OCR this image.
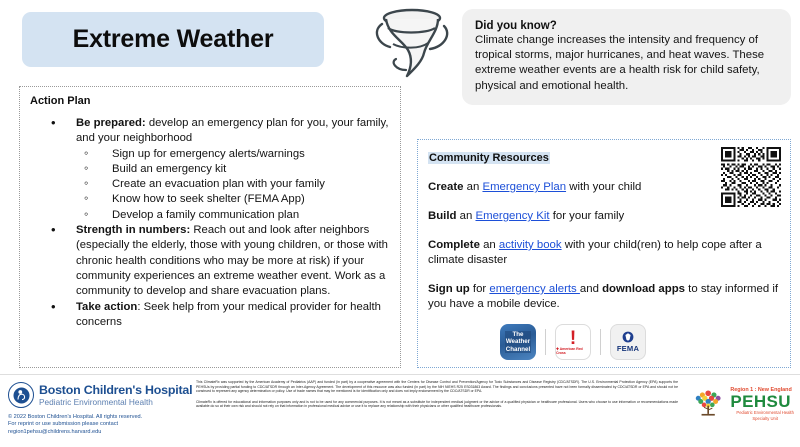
Extreme Weather	Did you know?
Climate change increases the intensity and frequency of tropical storms, major hurricanes, and heat waves. These extreme weather events are a health risk for child safety, physical and emotional health.
Action Plan
• Be prepared: develop an emergency plan for you, your family, and your neighborhood
◦ Sign up for emergency alerts/warnings
◦ Build an emergency kit
◦ Create an evacuation plan with your family
◦ Know how to seek shelter (FEMA App)
◦ Develop a family communication plan
• Strength in numbers: Reach out and look after neighbors (especially the elderly, those with young children, or those with chronic health conditions who may be more at risk) if your community experiences an extreme weather event. Work as a community to develop and share evacuation plans.
• Take action: Seek help from your medical provider for health concerns
Community Resources
Create an Emergency Plan with your child
Build an Emergency Kit for your family
Complete an activity book with your child(ren) to help cope after a climate disaster
Sign up for emergency alerts and download apps to stay informed if you have a mobile device.
The
Weather
Channel
!
✚ American Red Cross	FEMA
Boston Children's Hospital
Pediatric Environmental Health
© 2022 Boston Children's Hospital. All rights reserved.
For reprint or use submission please contact
region1pehsu@childrens.harvard.edu

This ClimateRx was supported by the American Academy of Pediatrics (AAP) and funded (in part) by a cooperative agreement with the Centers for Disease Control and Prevention/Agency for Toxic Substances and Disease Registry (CDC/ATSDR). The U.S. Environmental Protection Agency (EPA) supports the PEHSUs by providing partial funding to CDC/ATSDR through an Inter-Agency Agreement. The development of this resource was also funded (in part) by the NIH NIEHS R25 ES031863 Award. The findings and conclusions presented have not been formally disseminated by CDC/ATSDR or EPA and should not be construed to represent any agency determination or policy. Use of trade names that may be mentioned is for identification only and does not imply endorsement by the CDC/ATSDR or EPA.

ClimateRx is offered for educational and information purposes only and is not to be used for any commercial purposes. It is not meant as a substitute for independent medical judgment or the advice of a qualified physician or healthcare professional. Users who choose to use information or recommendations made available do so at their own risk and should not rely on that information in professional medical advice or use it to replace any relationship with their physicians or other qualified healthcare professionals.

Region 1 : New England
PEHSU
Pediatric Environmental Health Specialty Unit
